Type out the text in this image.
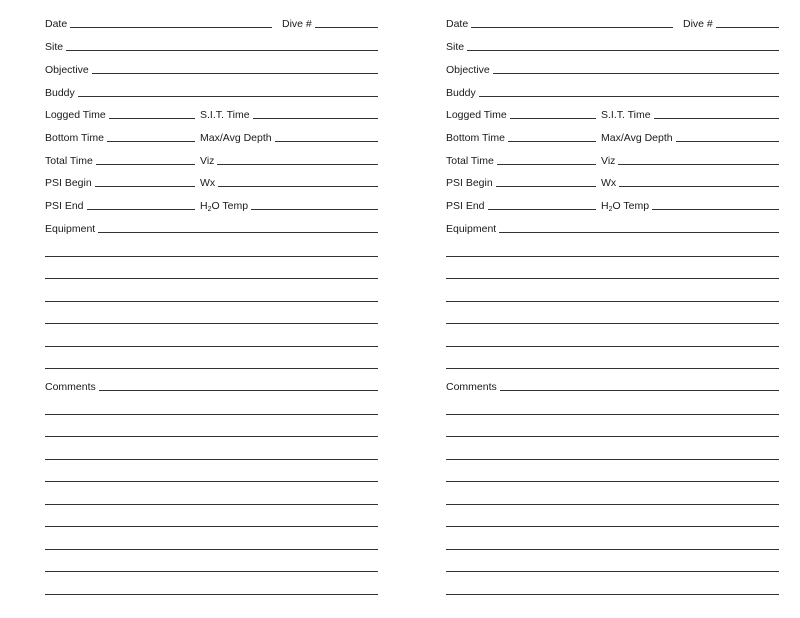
Date	Dive #
Site
Objective
Buddy
Logged Time	S.I.T. Time
Bottom Time	Max/Avg Depth
Total Time	Viz
PSI Begin	Wx
PSI End	$H_2O$ Temp
Equipment
Comments
Date	Dive #
Site
Objective
Buddy
Logged Time	S.I.T. Time
Bottom Time	Max/Avg Depth
Total Time	Viz
PSI Begin	Wx
PSI End	$H_2O$ Temp
Equipment
Comments
